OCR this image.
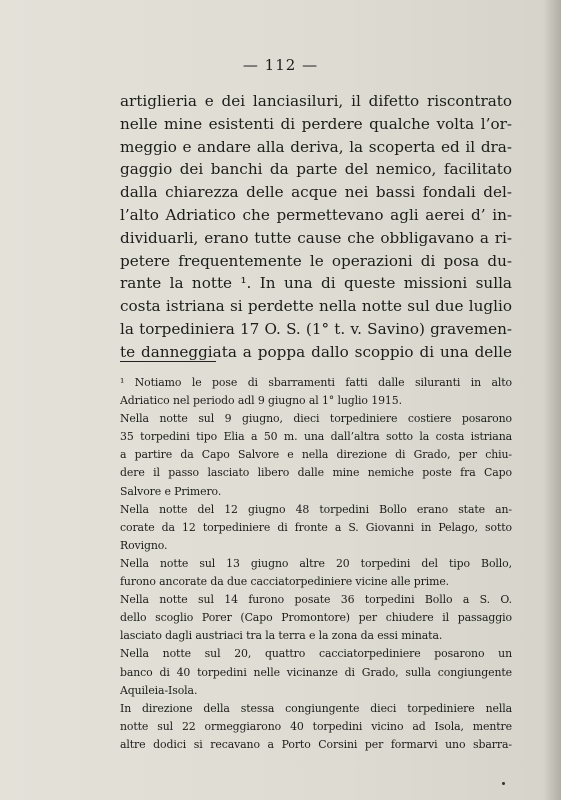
— 112 —
artiglieria e dei lanciasiluri, il difetto riscontrato
nelle mine esistenti di perdere qualche volta l’or-
meggio e andare alla deriva, la scoperta ed il dra-
gaggio dei banchi da parte del nemico, facilitato
dalla chiarezza delle acque nei bassi fondali del-
l’alto Adriatico che permettevano agli aerei d’ in-
dividuarli, erano tutte cause che obbligavano a ri-
petere frequentemente le operazioni di posa du-
rante la notte ¹. In una di queste missioni sulla
costa istriana si perdette nella notte sul due luglio
la torpediniera 17 O. S. (1° t. v. Savino) gravemen-
te danneggiata a poppa dallo scoppio di una delle
¹ Notiamo le pose di sbarramenti fatti dalle siluranti in alto
Adriatico nel periodo adl 9 giugno al 1° luglio 1915.
Nella notte sul 9 giugno, dieci torpediniere costiere posarono
35 torpedini tipo Elia a 50 m. una dall’altra sotto la costa istriana
a partire da Capo Salvore e nella direzione di Grado, per chiu-
dere il passo lasciato libero dalle mine nemiche poste fra Capo
Salvore e Primero.
Nella notte del 12 giugno 48 torpedini Bollo erano state an-
corate da 12 torpediniere di fronte a S. Giovanni in Pelago, sotto
Rovigno.
Nella notte sul 13 giugno altre 20 torpedini del tipo Bollo,
furono ancorate da due cacciatorpediniere vicine alle prime.
Nella notte sul 14 furono posate 36 torpedini Bollo a S. O.
dello scoglio Porer (Capo Promontore) per chiudere il passaggio
lasciato dagli austriaci tra la terra e la zona da essi minata.
Nella notte sul 20, quattro cacciatorpediniere posarono un
banco di 40 torpedini nelle vicinanze di Grado, sulla congiungente
Aquileia-Isola.
In direzione della stessa congiungente dieci torpediniere nella
notte sul 22 ormeggiarono 40 torpedini vicino ad Isola, mentre
altre dodici si recavano a Porto Corsini per formarvi uno sbarra-
